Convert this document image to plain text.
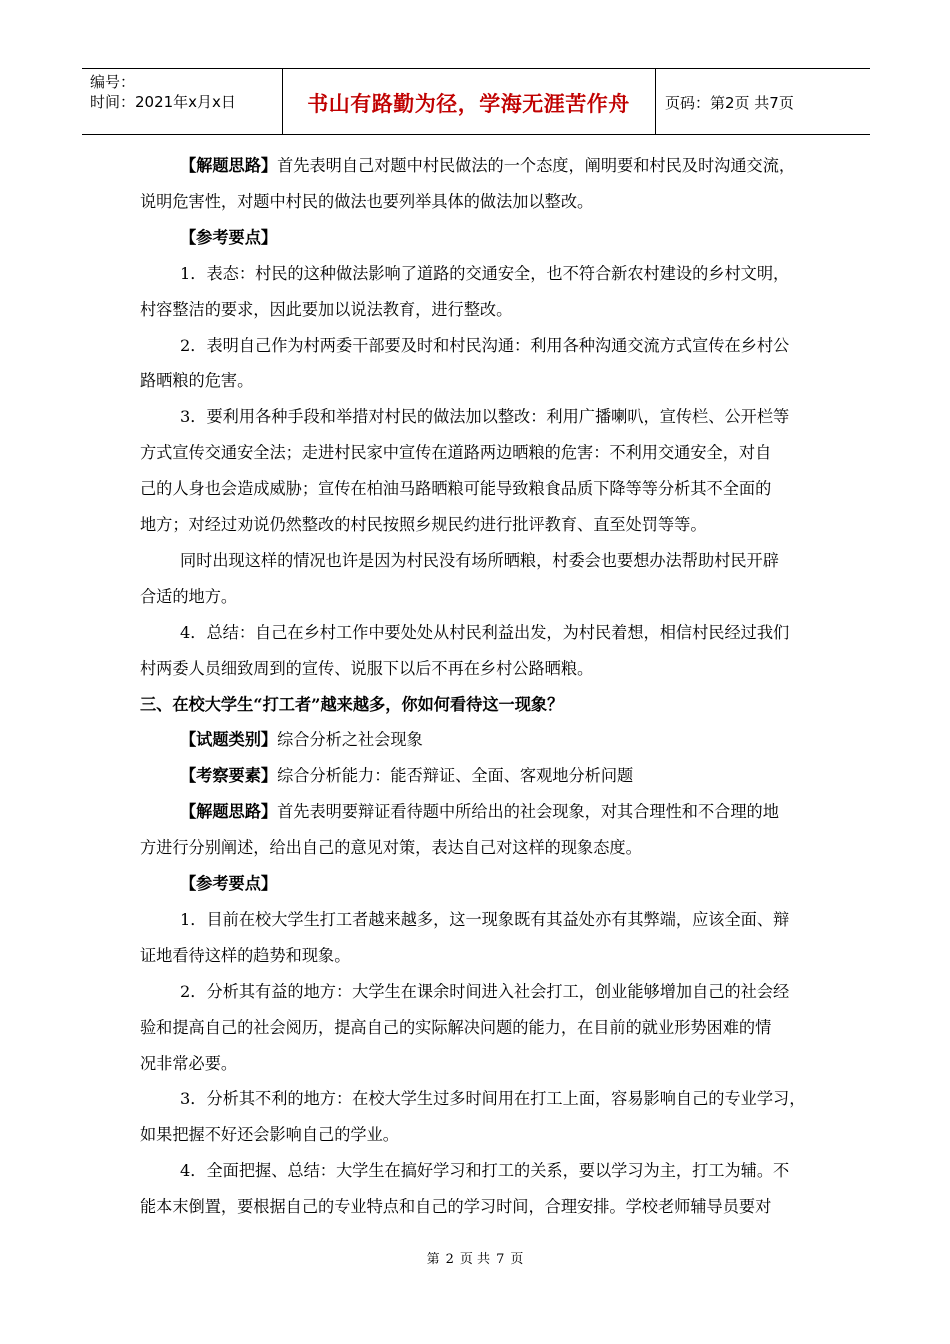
编号：
时间：2021年x月x日	书山有路勤为径，学海无涯苦作舟	页码：第2页 共7页
【解题思路】首先表明自己对题中村民做法的一个态度，阐明要和村民及时沟通交流，
说明危害性，对题中村民的做法也要列举具体的做法加以整改。
【参考要点】
1．表态：村民的这种做法影响了道路的交通安全，也不符合新农村建设的乡村文明，
村容整洁的要求，因此要加以说法教育，进行整改。
2．表明自己作为村两委干部要及时和村民沟通：利用各种沟通交流方式宣传在乡村公
路晒粮的危害。
3．要利用各种手段和举措对村民的做法加以整改：利用广播喇叭，宣传栏、公开栏等
方式宣传交通安全法；走进村民家中宣传在道路两边晒粮的危害：不利用交通安全，对自
己的人身也会造成威胁；宣传在柏油马路晒粮可能导致粮食品质下降等等分析其不全面的
地方；对经过劝说仍然整改的村民按照乡规民约进行批评教育、直至处罚等等。
同时出现这样的情况也许是因为村民没有场所晒粮，村委会也要想办法帮助村民开辟
合适的地方。
4．总结：自己在乡村工作中要处处从村民利益出发，为村民着想，相信村民经过我们
村两委人员细致周到的宣传、说服下以后不再在乡村公路晒粮。
三、在校大学生“打工者”越来越多，你如何看待这一现象？
【试题类别】综合分析之社会现象
【考察要素】综合分析能力：能否辩证、全面、客观地分析问题
【解题思路】首先表明要辩证看待题中所给出的社会现象，对其合理性和不合理的地
方进行分别阐述，给出自己的意见对策，表达自己对这样的现象态度。
【参考要点】
1．目前在校大学生打工者越来越多，这一现象既有其益处亦有其弊端，应该全面、辩
证地看待这样的趋势和现象。
2．分析其有益的地方：大学生在课余时间进入社会打工，创业能够增加自己的社会经
验和提高自己的社会阅历，提高自己的实际解决问题的能力，在目前的就业形势困难的情
况非常必要。
3．分析其不利的地方：在校大学生过多时间用在打工上面，容易影响自己的专业学习，
如果把握不好还会影响自己的学业。
4．全面把握、总结：大学生在搞好学习和打工的关系，要以学习为主，打工为辅。不
能本末倒置，要根据自己的专业特点和自己的学习时间，合理安排。学校老师辅导员要对
第 2 页 共 7 页
